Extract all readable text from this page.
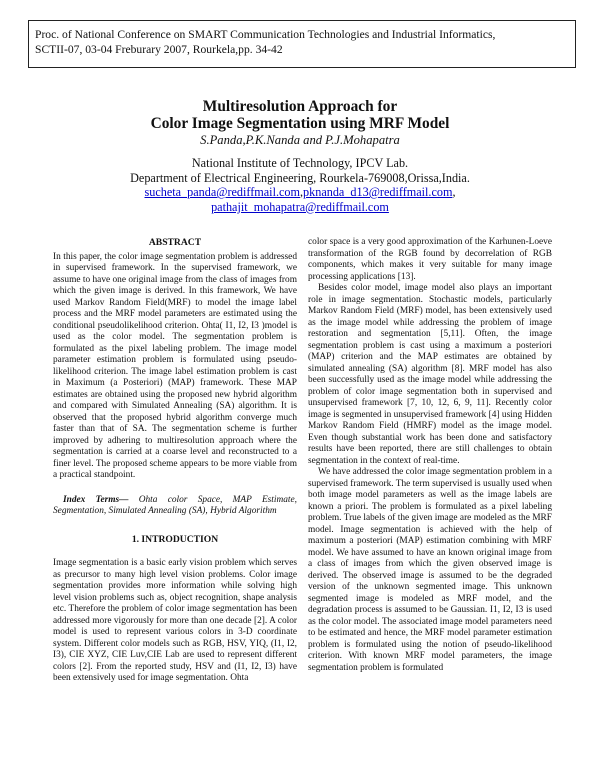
Proc. of National Conference on SMART Communication Technologies and Industrial Informatics,
SCTII-07, 03-04 Freburary 2007, Rourkela,pp. 34-42
Multiresolution Approach for
Color Image Segmentation using MRF Model
S.Panda,P.K.Nanda and P.J.Mohapatra
National Institute of Technology, IPCV Lab.
Department of Electrical Engineering, Rourkela-769008,Orissa,India.
sucheta_panda@rediffmail.com,pknanda_d13@rediffmail.com,
pathajit_mohapatra@rediffmail.com
ABSTRACT

In this paper, the color image segmentation problem is addressed in supervised framework. In the supervised framework, we assume to have one original image from the class of images from which the given image is derived. In this framework, We have used Markov Random Field(MRF) to model the image label process and the MRF model parameters are estimated using the conditional pseudolikelihood criterion. Ohta( I1, I2, I3 )model is used as the color model. The segmentation problem is formulated as the pixel labeling problem. The image model parameter estimation problem is formulated using pseudo-likelihood criterion. The image label estimation problem is cast in Maximum (a Posteriori) (MAP) framework. These MAP estimates are obtained using the proposed new hybrid algorithm and compared with Simulated Annealing (SA) algorithm. It is observed that the proposed hybrid algorithm converge much faster than that of SA. The segmentation scheme is further improved by adhering to multiresolution approach where the segmentation is carried at a coarse level and reconstructed to a finer level. The proposed scheme appears to be more viable from a practical standpoint.

Index Terms— Ohta color Space, MAP Estimate, Segmentation, Simulated Annealing (SA), Hybrid Algorithm

1. INTRODUCTION

Image segmentation is a basic early vision problem which serves as precursor to many high level vision problems. Color image segmentation provides more information while solving high level vision problems such as, object recognition, shape analysis etc. Therefore the problem of color image segmentation has been addressed more vigorously for more than one decade [2]. A color model is used to represent various colors in 3-D coordinate system. Different color models such as RGB, HSV, YIQ, (I1, I2, I3), CIE XYZ, CIE Luv,CIE Lab are used to represent different colors [2]. From the reported study, HSV and (I1, I2, I3) have been extensively used for image segmentation. Ohta

color space is a very good approximation of the Karhunen-Loeve transformation of the RGB found by decorrelation of RGB components, which makes it very suitable for many image processing applications [13].

Besides color model, image model also plays an important role in image segmentation. Stochastic models, particularly Markov Random Field (MRF) model, has been extensively used as the image model while addressing the problem of image restoration and segmentation [5,11]. Often, the image segmentation problem is cast using a maximum a posteriori (MAP) criterion and the MAP estimates are obtained by simulated annealing (SA) algorithm [8]. MRF model has also been successfully used as the image model while addressing the problem of color image segmentation both in supervised and unsupervised framework [7, 10, 12, 6, 9, 11]. Recently color image is segmented in unsupervised framework [4] using Hidden Markov Random Field (HMRF) model as the image model. Even though substantial work has been done and satisfactory results have been reported, there are still challenges to obtain segmentation in the context of real-time.

We have addressed the color image segmentation problem in a supervised framework. The term supervised is usually used when both image model parameters as well as the image labels are known a priori. The problem is formulated as a pixel labeling problem. True labels of the given image are modeled as the MRF model. Image segmentation is achieved with the help of maximum a posteriori (MAP) estimation combining with MRF model. We have assumed to have an known original image from a class of images from which the given observed image is derived. The observed image is assumed to be the degraded version of the unknown segmented image. This unknown segmented image is modeled as MRF model, and the degradation process is assumed to be Gaussian. I1, I2, I3 is used as the color model. The associated image model parameters need to be estimated and hence, the MRF model parameter estimation problem is formulated using the notion of pseudo-likelihood criterion. With known MRF model parameters, the image segmentation problem is formulated
